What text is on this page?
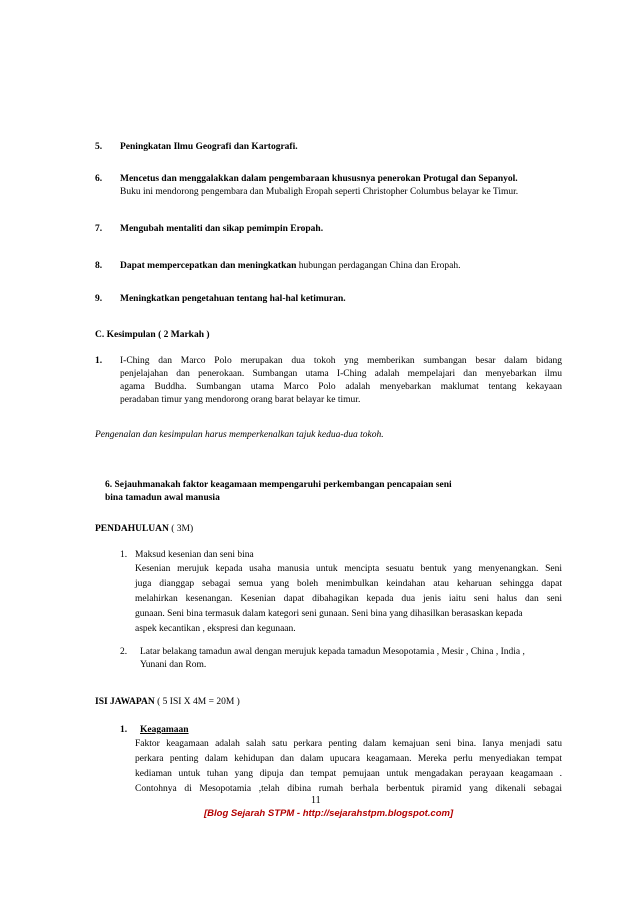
5. Peningkatan Ilmu Geografi dan Kartografi.
6. Mencetus dan menggalakkan dalam pengembaraan khususnya penerokan Protugal dan Sepanyol.
Buku ini mendorong pengembara dan Mubaligh Eropah seperti Christopher Columbus belayar ke Timur.
7. Mengubah mentaliti dan sikap pemimpin Eropah.
8. Dapat mempercepatkan dan meningkatkan hubungan perdagangan China dan Eropah.
9. Meningkatkan pengetahuan tentang hal-hal ketimuran.
C. Kesimpulan ( 2 Markah )
1. I-Ching dan Marco Polo merupakan dua tokoh yng memberikan sumbangan besar dalam bidang
penjelajahan dan penerokaan. Sumbangan utama I-Ching adalah mempelajari dan menyebarkan ilmu
agama Buddha. Sumbangan utama Marco Polo adalah menyebarkan maklumat tentang kekayaan
peradaban timur yang mendorong orang barat belayar ke timur.
Pengenalan dan kesimpulan harus memperkenalkan tajuk kedua-dua tokoh.
6. Sejauhmanakah faktor keagamaan mempengaruhi perkembangan pencapaian seni
bina tamadun awal manusia
PENDAHULUAN ( 3M)
1. Maksud kesenian dan seni bina
Kesenian merujuk kepada usaha manusia untuk mencipta sesuatu bentuk yang menyenangkan. Seni
juga dianggap sebagai semua yang boleh menimbulkan keindahan atau keharuan sehingga dapat
melahirkan kesenangan. Kesenian dapat dibahagikan kepada dua jenis iaitu seni halus dan seni
gunaan. Seni bina termasuk dalam kategori seni gunaan. Seni bina yang dihasilkan berasaskan kepada
aspek kecantikan , ekspresi dan kegunaan.
2. Latar belakang tamadun awal dengan merujuk kepada tamadun Mesopotamia , Mesir , China , India ,
Yunani dan Rom.
ISI JAWAPAN ( 5 ISI X 4M = 20M )
1. Keagamaan
Faktor keagamaan adalah salah satu perkara penting dalam kemajuan seni bina. Ianya menjadi satu
perkara penting dalam kehidupan dan dalam upucara keagamaan. Mereka perlu menyediakan tempat
kediaman untuk tuhan yang dipuja dan tempat pemujaan untuk mengadakan perayaan keagamaan .
Contohnya di Mesopotamia ,telah dibina rumah berhala berbentuk piramid yang dikenali sebagai
11
[Blog Sejarah STPM - http://sejarahstpm.blogspot.com]
